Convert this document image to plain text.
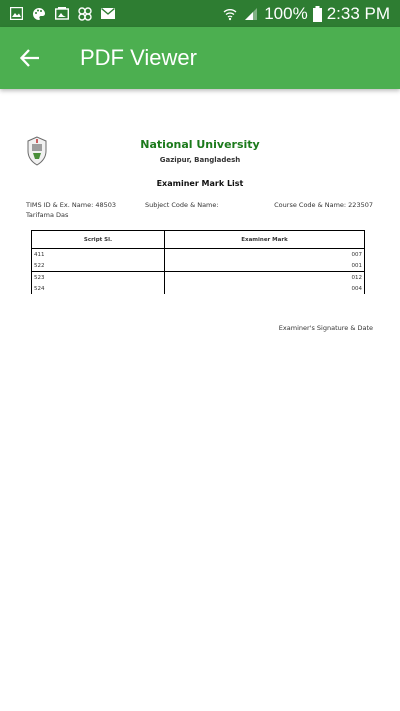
100% 2:33 PM
PDF Viewer
National University
Gazipur, Bangladesh
Examiner Mark List
TIMS ID & Ex. Name: 48503	Subject Code & Name:	Course Code & Name: 223507
Tarifama Das
Script Sl.	Examiner Mark
411	007
522	001
523	012
524	004
Examiner's Signature & Date
